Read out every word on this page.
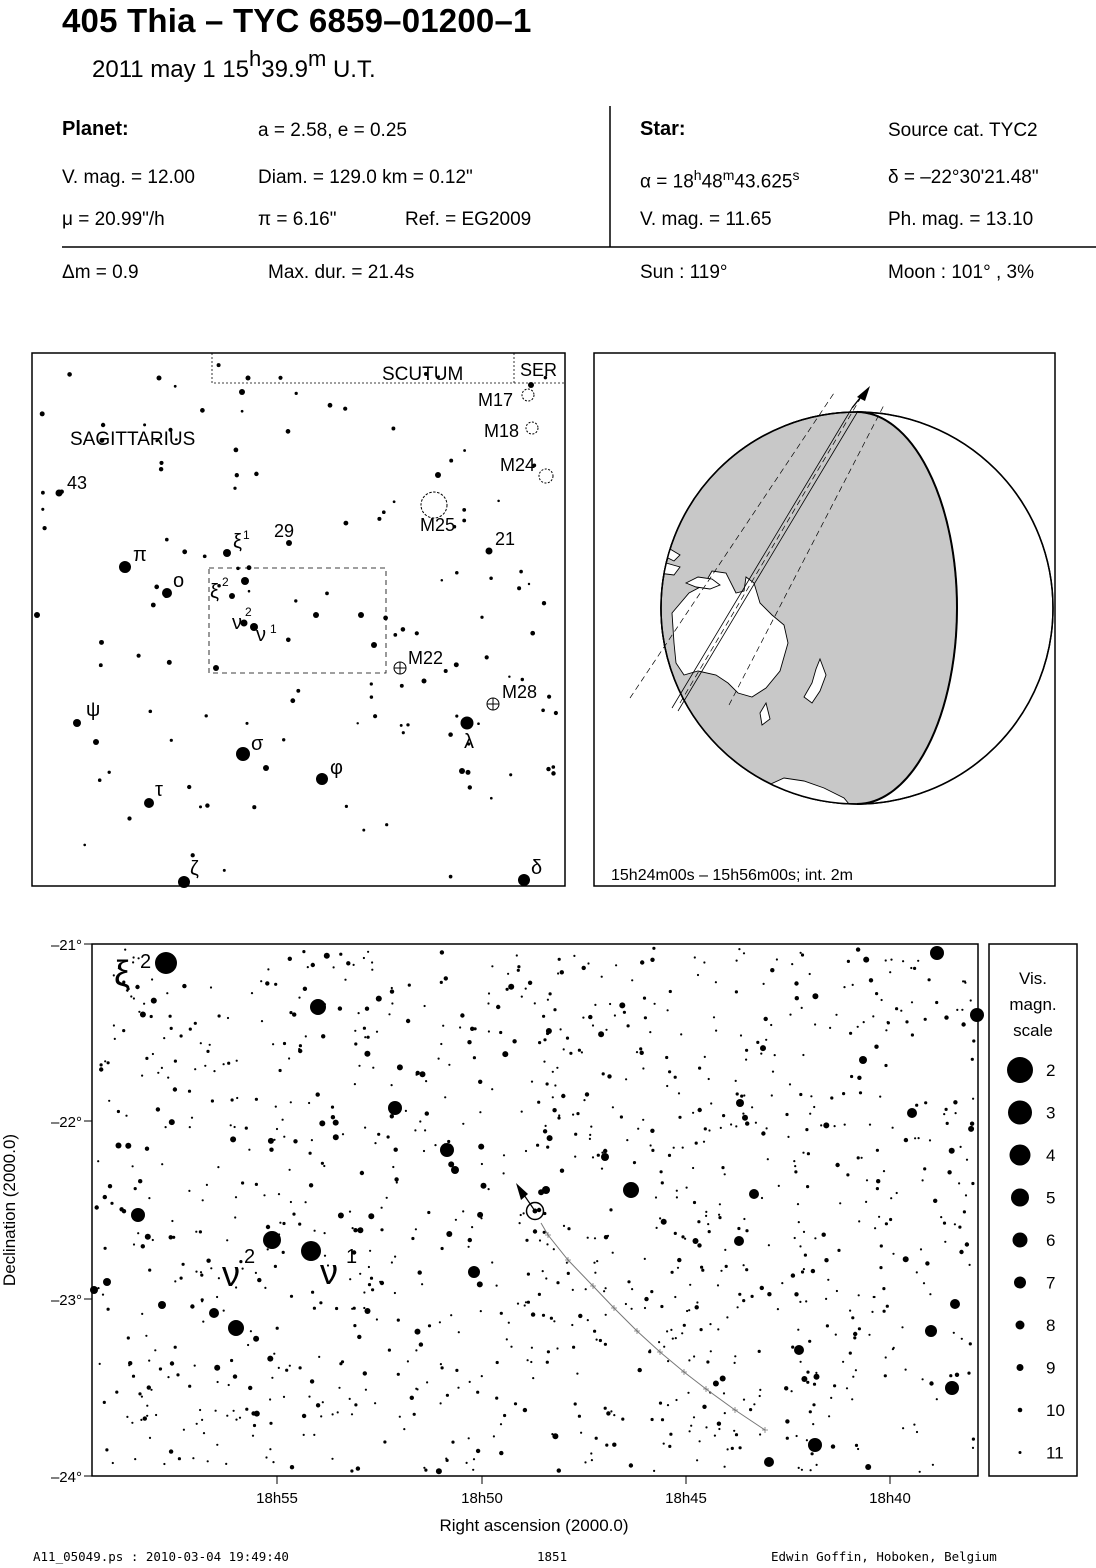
405 Thia – TYC 6859–01200–1
2011 may 1 15$^h$39.9$^m$ U.T.
Planet:	a = 2.58, e = 0.25
V. mag. = 12.00	Diam. = 129.0 km = 0.12"
μ = 20.99"/h	π = 6.16"	Ref. = EG2009
Star:	Source cat. TYC2
$\alpha = 18^h48^m43.625^s$	δ = –22°30'21.48"
V. mag. = 11.65	Ph. mag. = 13.10
Δm = 0.9	Max. dur. = 21.4s	Sun : 119°	Moon : 101° , 3%
SCUTUM	SER
SAGITTARIUS
M17
M18
M24
M25
M22
M28
43
29	21
π
ο
ξ 1
ξ 2
ν 2
ν 1
ψ
σ
φ
λ
τ
ζ	δ	15h24m00s – 15h56m00s; int. 2m
ξ 2
ν 2 ν 1
–21°
–22°
–23°
–24°
18h55	18h50	18h45	18h40
Right ascension (2000.0)
Declination (2000.0)
Vis.
magn.
scale
2
3
4
5
6
7
8
9
10
11
A11_05049.ps : 2010-03-04 19:49:40	1851	Edwin Goffin, Hoboken, Belgium
